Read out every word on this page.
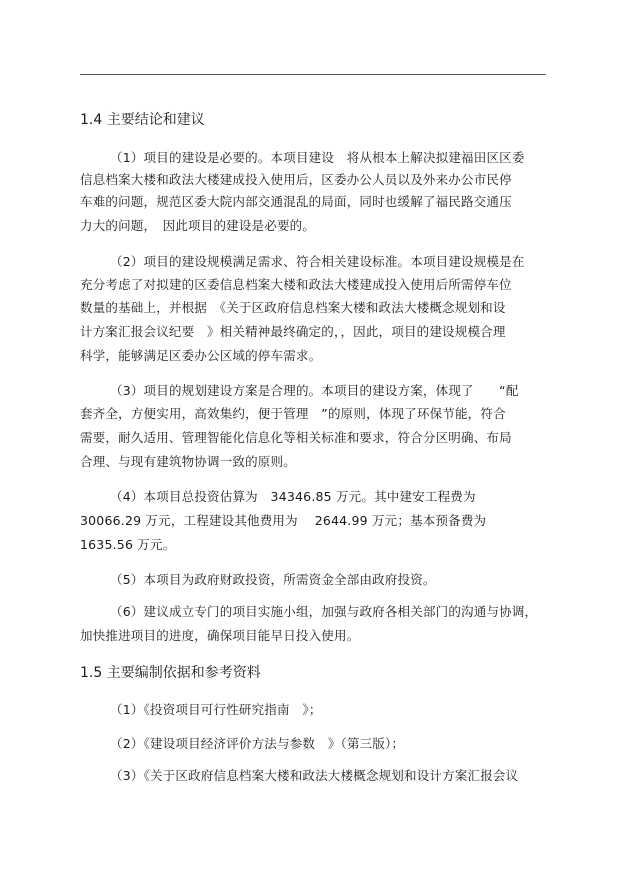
1.4 主要结论和建议
（1）项目的建设是必要的。本项目建设　将从根本上解决拟建福田区区委
信息档案大楼和政法大楼建成投入使用后，区委办公人员以及外来办公市民停
车难的问题，规范区委大院内部交通混乱的局面，同时也缓解了福民路交通压
力大的问题，　因此项目的建设是必要的。
（2）项目的建设规模满足需求、符合相关建设标准。本项目建设规模是在
充分考虑了对拟建的区委信息档案大楼和政法大楼建成投入使用后所需停车位
数量的基础上，并根据　《关于区政府信息档案大楼和政法大楼概念规划和设
计方案汇报会议纪要　》相关精神最终确定的，，因此，项目的建设规模合理
科学，能够满足区委办公区域的停车需求。
（3）项目的规划建设方案是合理的。本项目的建设方案，体现了　　“配
套齐全，方便实用，高效集约，便于管理　”的原则，体现了环保节能，符合
需要，耐久适用、管理智能化信息化等相关标准和要求，符合分区明确、布局
合理、与现有建筑物协调一致的原则。
（4）本项目总投资估算为　34346.85 万元。其中建安工程费为
30066.29 万元，工程建设其他费用为　 2644.99 万元；基本预备费为
1635.56 万元。
（5）本项目为政府财政投资，所需资金全部由政府投资。
（6）建议成立专门的项目实施小组，加强与政府各相关部门的沟通与协调，
加快推进项目的进度，确保项目能早日投入使用。
1.5 主要编制依据和参考资料
（1）《投资项目可行性研究指南　》；
（2）《建设项目经济评价方法与参数　》（第三版）；
（3）《关于区政府信息档案大楼和政法大楼概念规划和设计方案汇报会议
